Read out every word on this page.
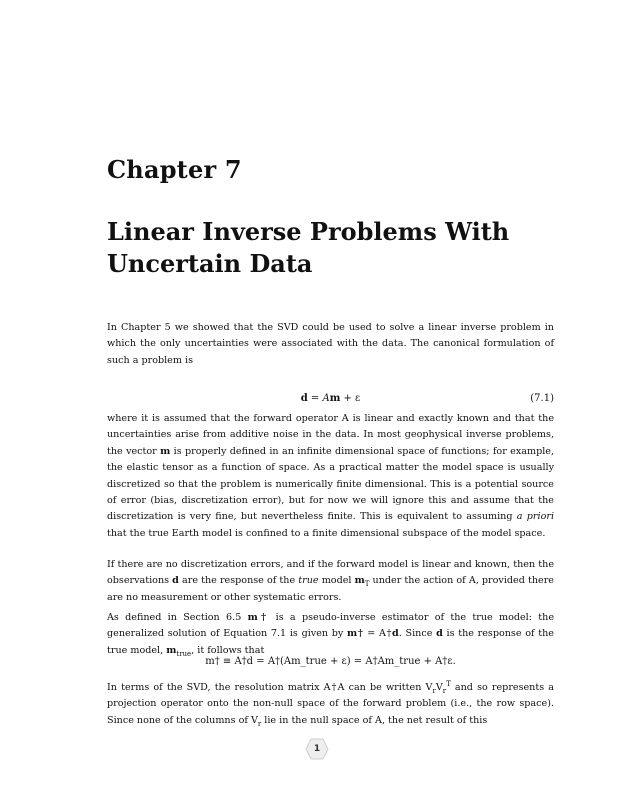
Chapter 7
Linear Inverse Problems With Uncertain Data

In Chapter 5 we showed that the SVD could be used to solve a linear inverse problem in which the only uncertainties were associated with the data. The canonical formulation of such a problem is

d = Am + ε	(7.1)

where it is assumed that the forward operator A is linear and exactly known and that the uncertainties arise from additive noise in the data. In most geophysical inverse problems, the vector m is properly defined in an infinite dimensional space of functions; for example, the elastic tensor as a function of space. As a practical matter the model space is usually discretized so that the problem is numerically finite dimensional. This is a potential source of error (bias, discretization error), but for now we will ignore this and assume that the discretization is very fine, but nevertheless finite. This is equivalent to assuming a priori that the true Earth model is confined to a finite dimensional subspace of the model space.

If there are no discretization errors, and if the forward model is linear and known, then the observations d are the response of the true model $m_T$ under the action of A, provided there are no measurement or other systematic errors.

As defined in Section 6.5 m† is a pseudo-inverse estimator of the true model: the generalized solution of Equation 7.1 is given by m† = A†d. Since d is the response of the true model, $m_{true}$, it follows that

m† ≡ A†d = A†(Am_true + ε) = A†Am_true + A†ε.

In terms of the SVD, the resolution matrix A†A can be written $V_rV_r^T$ and so represents a projection operator onto the non-null space of the forward problem (i.e., the row space). Since none of the columns of $V_r$ lie in the null space of A, the net result of this

1
